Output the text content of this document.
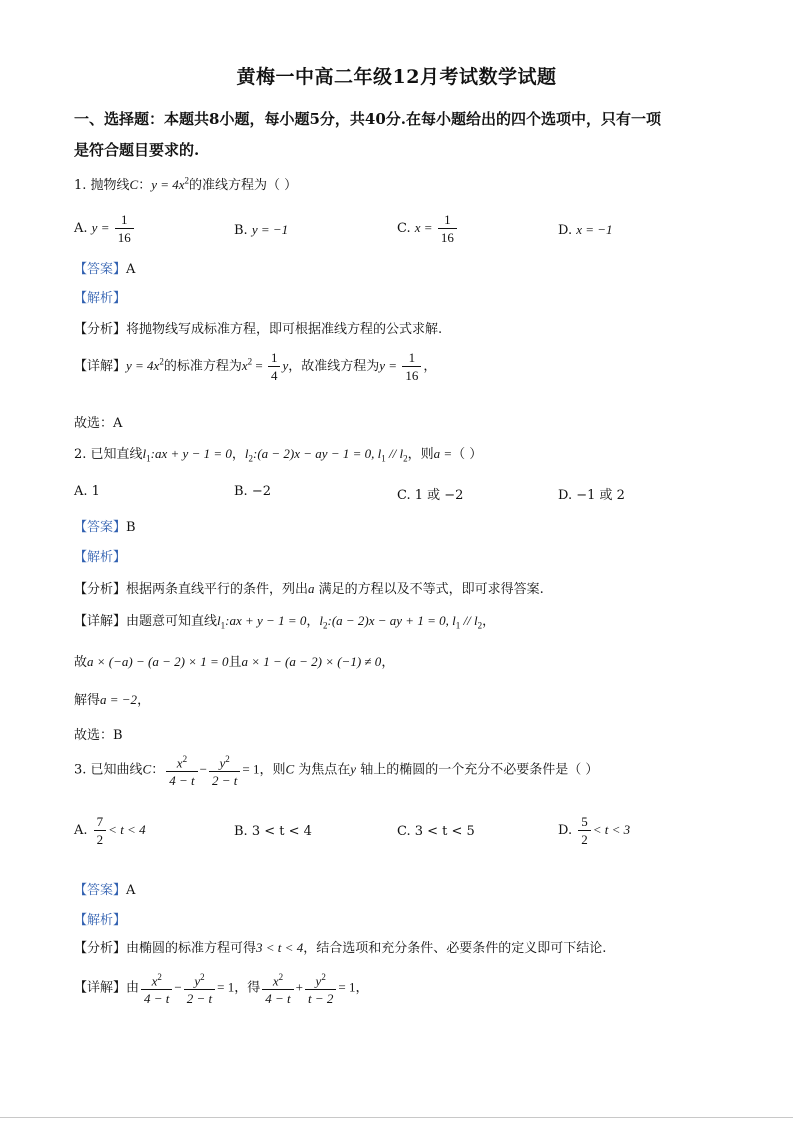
黄梅一中高二年级12月考试数学试题
一、选择题：本题共8小题，每小题5分，共40分.在每小题给出的四个选项中，只有一项
是符合题目要求的.
1. 抛物线C：$y = 4x^2$的准线方程为（ ）
A. $y = \frac{1}{16}$	B. y = −1	C. $x = \frac{1}{16}$	D. x = −1
【答案】A
【解析】
【分析】将抛物线写成标准方程，即可根据准线方程的公式求解.
【详解】$y = 4x^2$的标准方程为$x^2 = \frac{1}{4}$ y，故准线方程为$y = \frac{1}{16}$ ，
故选：A
2. 已知直线$l_1:ax + y - 1 = 0$，$l_2:(a - 2)x$ − ay − 1 = 0, $l_1 // l_2$，则a =（ ）
A. 1	B. −2	C. 1 或 −2	D. −1 或 2
【答案】B
【解析】
【分析】根据两条直线平行的条件，列出a 满足的方程以及不等式，即可求得答案.
【详解】由题意可知直线$l_1:ax + y - 1 = 0$，$l_2:(a - 2)x$ − ay + 1 = 0, $l_1 // l_2$，
故a × (−a) − (a − 2) × 1 = 0且a × 1 − (a − 2) × (−1) ≠ 0，
解得a = −2，
故选：B
3. 已知曲线C： $\frac{x^2}{4 - t} - \frac{y^2}{2 - t} = 1$，则C 为焦点在y 轴上的椭圆的一个充分不必要条件是（ ）
A. $\frac{7}{2} < t < 4$	B. 3 < t < 4	C. 3 < t < 5	D. $\frac{5}{2} < t < 3$
【答案】A
【解析】
【分析】由椭圆的标准方程可得3 < t < 4，结合选项和充分条件、必要条件的定义即可下结论.
【详解】由 $\frac{x^2}{4 - t} - \frac{y^2}{2 - t} = 1$，得 $\frac{x^2}{4 - t} + \frac{y^2}{t - 2} = 1$，
